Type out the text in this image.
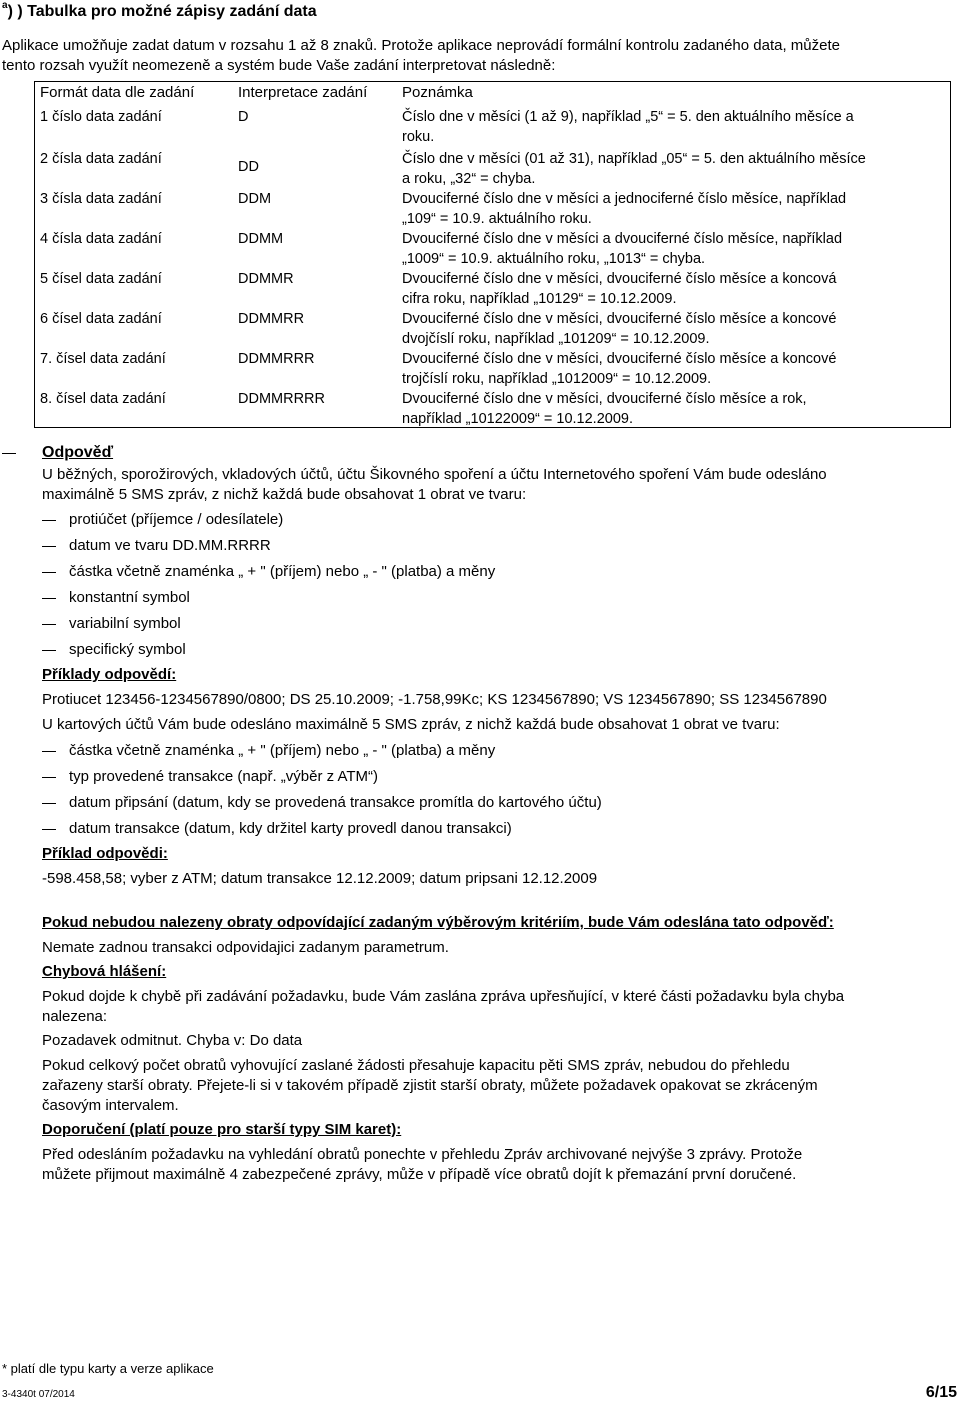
$^a$) ) Tabulka pro možné zápisy zadání data
Aplikace umožňuje zadat datum v rozsahu 1 až 8 znaků. Protože aplikace neprovádí formální kontrolu zadaného data, můžete
tento rozsah využít neomezeně a systém bude Vaše zadání interpretovat následně:
Formát data dle zadání	Interpretace zadání	Poznámka
1 číslo data zadání	D	Číslo dne v měsíci (1 až 9), například „5“ = 5. den aktuálního měsíce a
roku.

2 čísla data zadání	DD	Číslo dne v měsíci (01 až 31), například „05“ = 5. den aktuálního měsíce
a roku, „32“ = chyba.

3 čísla data zadání	DDM	Dvouciferné číslo dne v měsíci a jednociferné číslo měsíce, například
„109“ = 10.9. aktuálního roku.

4 čísla data zadání	DDMM	Dvouciferné číslo dne v měsíci a dvouciferné číslo měsíce, například
„1009“ = 10.9. aktuálního roku, „1013“ = chyba.

5 čísel data zadání	DDMMR	Dvouciferné číslo dne v měsíci, dvouciferné číslo měsíce a koncová
cifra roku, například „10129“ = 10.12.2009.

6 čísel data zadání	DDMMRR	Dvouciferné číslo dne v měsíci, dvouciferné číslo měsíce a koncové
dvojčíslí roku, například „101209“ = 10.12.2009.

7. čísel data zadání	DDMMRRR	Dvouciferné číslo dne v měsíci, dvouciferné číslo měsíce a koncové
trojčíslí roku, například „1012009“ = 10.12.2009.

8. čísel data zadání	DDMMRRRR	Dvouciferné číslo dne v měsíci, dvouciferné číslo měsíce a rok,
například „10122009“ = 10.12.2009.
Odpověď
U běžných, sporožirových, vkladových účtů, účtu Šikovného spoření a účtu Internetového spoření Vám bude odesláno
maximálně 5 SMS zpráv, z nichž každá bude obsahovat 1 obrat ve tvaru:
protiúčet (příjemce / odesílatele)
datum ve tvaru DD.MM.RRRR
částka včetně znaménka „ + " (příjem) nebo „ - " (platba) a měny
konstantní symbol
variabilní symbol
specifický symbol
Příklady odpovědí:
Protiucet 123456-1234567890/0800; DS 25.10.2009; -1.758,99Kc; KS 1234567890; VS 1234567890; SS 1234567890
U kartových účtů Vám bude odesláno maximálně 5 SMS zpráv, z nichž každá bude obsahovat 1 obrat ve tvaru:
částka včetně znaménka „ + " (příjem) nebo „ - " (platba) a měny
typ provedené transakce (např. „výběr z ATM“)
datum připsání (datum, kdy se provedená transakce promítla do kartového účtu)
datum transakce (datum, kdy držitel karty provedl danou transakci)
Příklad odpovědi:
-598.458,58; vyber z ATM; datum transakce 12.12.2009; datum pripsani 12.12.2009
Pokud nebudou nalezeny obraty odpovídající zadaným výběrovým kritériím, bude Vám odeslána tato odpověď:
Nemate zadnou transakci odpovidajici zadanym parametrum.
Chybová hlášení:
Pokud dojde k chybě při zadávání požadavku, bude Vám zaslána zpráva upřesňující, v které části požadavku byla chyba
nalezena:
Pozadavek odmitnut. Chyba v: Do data
Pokud celkový počet obratů vyhovující zaslané žádosti přesahuje kapacitu pěti SMS zpráv, nebudou do přehledu
zařazeny starší obraty. Přejete-li si v takovém případě zjistit starší obraty, můžete požadavek opakovat se zkráceným
časovým intervalem.
Doporučení (platí pouze pro starší typy SIM karet):
Před odesláním požadavku na vyhledání obratů ponechte v přehledu Zpráv archivované nejvýše 3 zprávy. Protože
můžete přijmout maximálně 4 zabezpečené zprávy, může v případě více obratů dojít k přemazání první doručené.
* platí dle typu karty a verze aplikace
3-4340t 07/2014	6/15
